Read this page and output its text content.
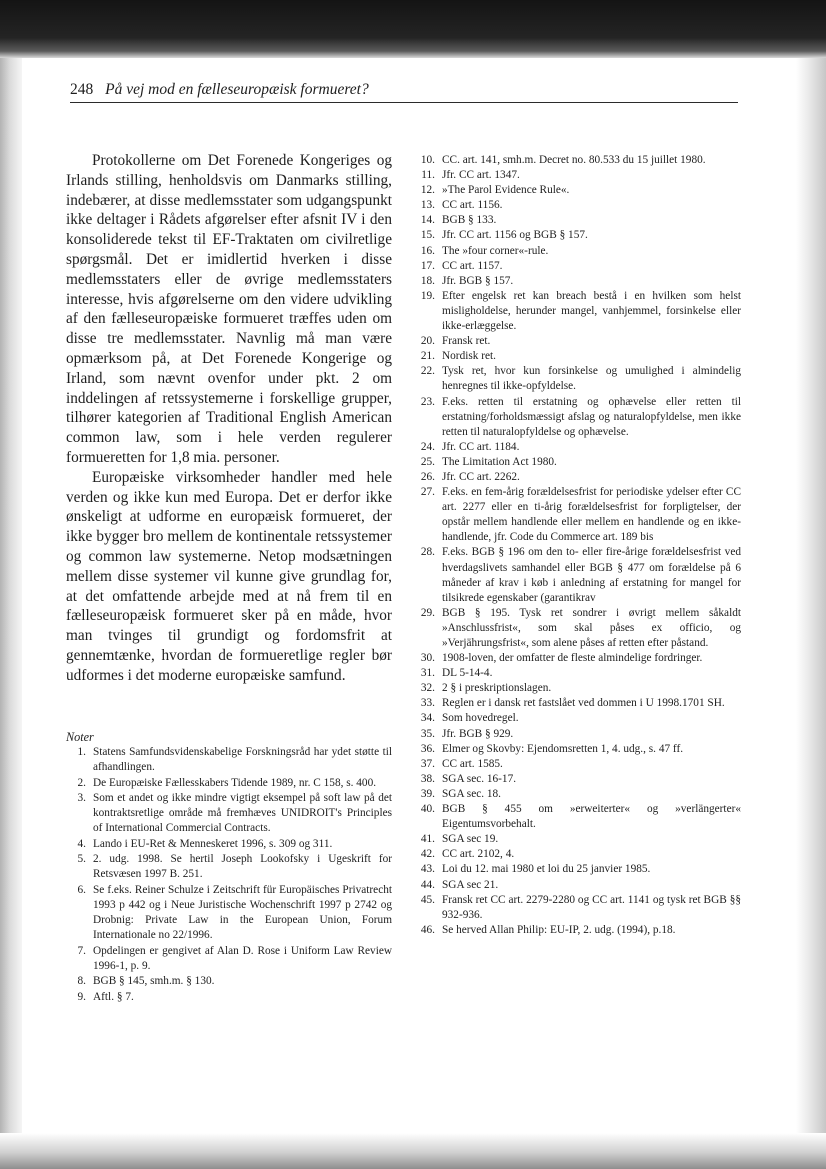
248 På vej mod en fælleseuropæisk formueret?

Protokollerne om Det Forenede Kongeriges og Irlands stilling, henholdsvis om Danmarks stilling, indebærer, at disse medlemsstater som udgangspunkt ikke deltager i Rådets afgørelser efter afsnit IV i den konsoliderede tekst til EF-Traktaten om civilretlige spørgsmål. Det er imidlertid hverken i disse medlemsstaters eller de øvrige medlemsstaters interesse, hvis afgørelserne om den videre udvikling af den fælleseuropæiske formueret træffes uden om disse tre medlemsstater. Navnlig må man være opmærksom på, at Det Forenede Kongerige og Irland, som nævnt ovenfor under pkt. 2 om inddelingen af retssystemerne i forskellige grupper, tilhører kategorien af Traditional English American common law, som i hele verden regulerer formueretten for 1,8 mia. personer.

Europæiske virksomheder handler med hele verden og ikke kun med Europa. Det er derfor ikke ønskeligt at udforme en europæisk formueret, der ikke bygger bro mellem de kontinentale retssystemer og common law systemerne. Netop modsætningen mellem disse systemer vil kunne give grundlag for, at det omfattende arbejde med at nå frem til en fælleseuropæisk formueret sker på en måde, hvor man tvinges til grundigt og fordomsfrit at gennemtænke, hvordan de formueretlige regler bør udformes i det moderne europæiske samfund.

Noter
1. Statens Samfundsvidenskabelige Forskningsråd har ydet støtte til afhandlingen.
2. De Europæiske Fællesskabers Tidende 1989, nr. C 158, s. 400.
3. Som et andet og ikke mindre vigtigt eksempel på soft law på det kontraktsretlige område må fremhæves UNIDROIT's Principles of International Commercial Contracts.
4. Lando i EU-Ret & Menneskeret 1996, s. 309 og 311.
5. 2. udg. 1998. Se hertil Joseph Lookofsky i Ugeskrift for Retsvæsen 1997 B. 251.
6. Se f.eks. Reiner Schulze i Zeitschrift für Europäisches Privatrecht 1993 p 442 og i Neue Juristische Wochenschrift 1997 p 2742 og Drobnig: Private Law in the European Union, Forum Internationale no 22/1996.
7. Opdelingen er gengivet af Alan D. Rose i Uniform Law Review 1996-1, p. 9.
8. BGB § 145, smh.m. § 130.
9. Aftl. § 7.
10. CC. art. 141, smh.m. Decret no. 80.533 du 15 juillet 1980.
11. Jfr. CC art. 1347.
12. »The Parol Evidence Rule«.
13. CC art. 1156.
14. BGB § 133.
15. Jfr. CC art. 1156 og BGB § 157.
16. The »four corner«-rule.
17. CC art. 1157.
18. Jfr. BGB § 157.
19. Efter engelsk ret kan breach bestå i en hvilken som helst misligholdelse, herunder mangel, vanhjemmel, forsinkelse eller ikke-erlæggelse.
20. Fransk ret.
21. Nordisk ret.
22. Tysk ret, hvor kun forsinkelse og umulighed i almindelig henregnes til ikke-opfyldelse.
23. F.eks. retten til erstatning og ophævelse eller retten til erstatning/forholdsmæssigt afslag og naturalopfyldelse, men ikke retten til naturalopfyldelse og ophævelse.
24. Jfr. CC art. 1184.
25. The Limitation Act 1980.
26. Jfr. CC art. 2262.
27. F.eks. en fem-årig forældelsesfrist for periodiske ydelser efter CC art. 2277 eller en ti-årig forældelsesfrist for forpligtelser, der opstår mellem handlende eller mellem en handlende og en ikke-handlende, jfr. Code du Commerce art. 189 bis
28. F.eks. BGB § 196 om den to- eller fire-årige forældelsesfrist ved hverdagslivets samhandel eller BGB § 477 om forældelse på 6 måneder af krav i køb i anledning af erstatning for mangel for tilsikrede egenskaber (garantikrav
29. BGB § 195. Tysk ret sondrer i øvrigt mellem såkaldt »Anschlussfrist«, som skal påses ex officio, og »Verjährungsfrist«, som alene påses af retten efter påstand.
30. 1908-loven, der omfatter de fleste almindelige fordringer.
31. DL 5-14-4.
32. 2 § i preskriptionslagen.
33. Reglen er i dansk ret fastslået ved dommen i U 1998.1701 SH.
34. Som hovedregel.
35. Jfr. BGB § 929.
36. Elmer og Skovby: Ejendomsretten 1, 4. udg., s. 47 ff.
37. CC art. 1585.
38. SGA sec. 16-17.
39. SGA sec. 18.
40. BGB § 455 om »erweiterter« og »verlängerter« Eigentumsvorbehalt.
41. SGA sec 19.
42. CC art. 2102, 4.
43. Loi du 12. mai 1980 et loi du 25 janvier 1985.
44. SGA sec 21.
45. Fransk ret CC art. 2279-2280 og CC art. 1141 og tysk ret BGB §§ 932-936.
46. Se herved Allan Philip: EU-IP, 2. udg. (1994), p.18.
